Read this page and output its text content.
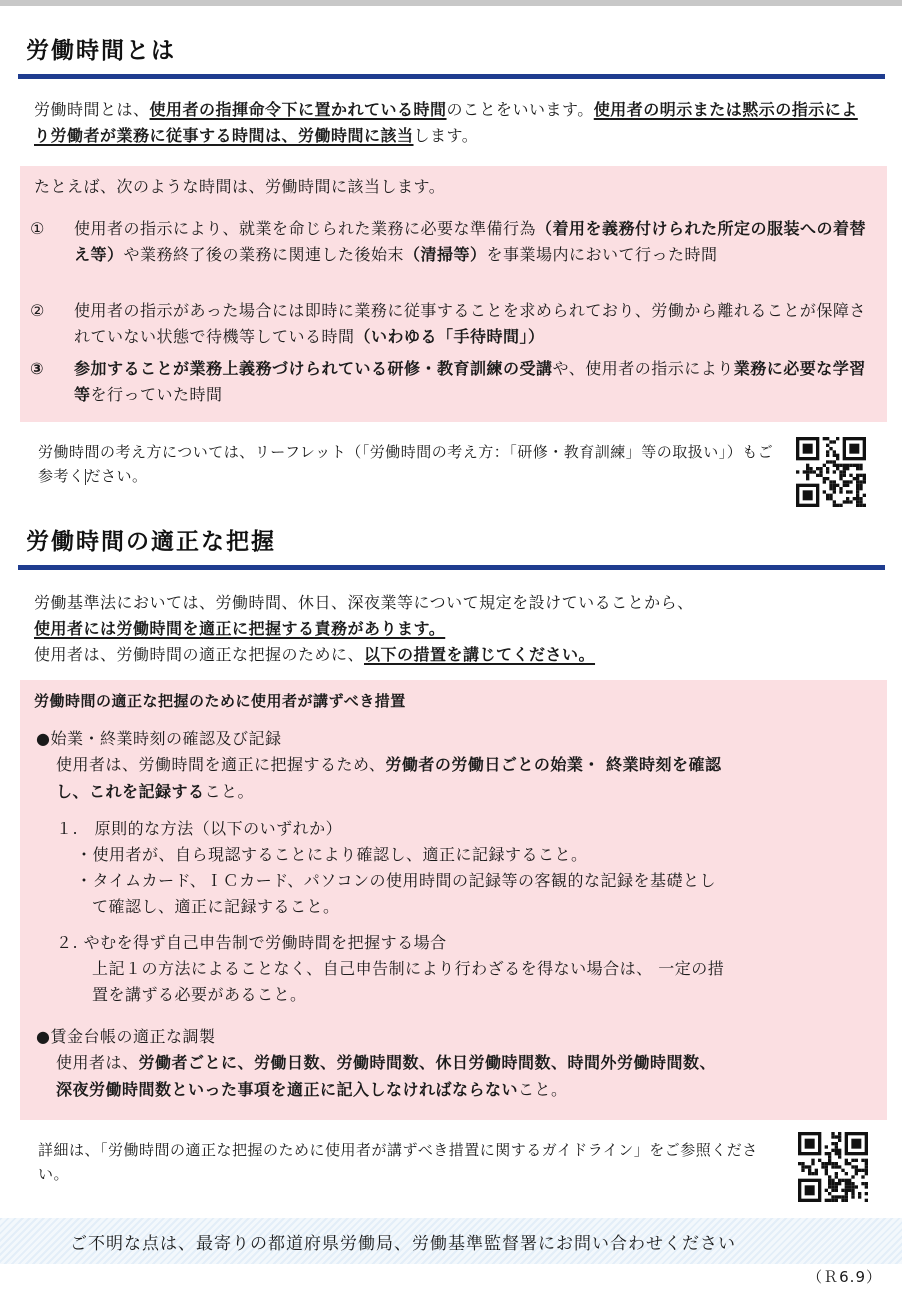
労働時間とは

労働時間とは、使用者の指揮命令下に置かれている時間のことをいいます。使用者の明示または黙示の指示により労働者が業務に従事する時間は、労働時間に該当します。

たとえば、次のような時間は、労働時間に該当します。

①	使用者の指示により、就業を命じられた業務に必要な準備行為（着用を義務付けられた所定の服装への着替え等）や業務終了後の業務に関連した後始末（清掃等）を事業場内において行った時間
②	使用者の指示があった場合には即時に業務に従事することを求められており、労働から離れることが保障されていない状態で待機等している時間（いわゆる「手待時間」）
③	参加することが業務上義務づけられている研修・教育訓練の受講や、使用者の指示により業務に必要な学習等を行っていた時間

労働時間の考え方については、リーフレット（「労働時間の考え方：「研修・教育訓練」等の取扱い」）もご参考ください。

労働時間の適正な把握
労働基準法においては、労働時間、休日、深夜業等について規定を設けていることから、
使用者には労働時間を適正に把握する責務があります。
使用者は、労働時間の適正な把握のために、以下の措置を講じてください。
労働時間の適正な把握のために使用者が講ずべき措置
●始業・終業時刻の確認及び記録
使用者は、労働時間を適正に把握するため、労働者の労働日ごとの始業・ 終業時刻を確認
し、これを記録すること。
１.　原則的な方法（以下のいずれか）
・使用者が、自ら現認することにより確認し、適正に記録すること。
・タイムカード、ＩＣカード、パソコンの使用時間の記録等の客観的な記録を基礎とし
て確認し、適正に記録すること。
２. やむを得ず自己申告制で労働時間を把握する場合
上記１の方法によることなく、自己申告制により行わざるを得ない場合は、 一定の措
置を講ずる必要があること。
●賃金台帳の適正な調製
使用者は、労働者ごとに、労働日数、労働時間数、休日労働時間数、時間外労働時間数、
深夜労働時間数といった事項を適正に記入しなければならないこと。

詳細は、「労働時間の適正な把握のために使用者が講ずべき措置に関するガイドライン」をご参照ください。

ご不明な点は、最寄りの都道府県労働局、労働基準監督署にお問い合わせください
（Ｒ6.9）
